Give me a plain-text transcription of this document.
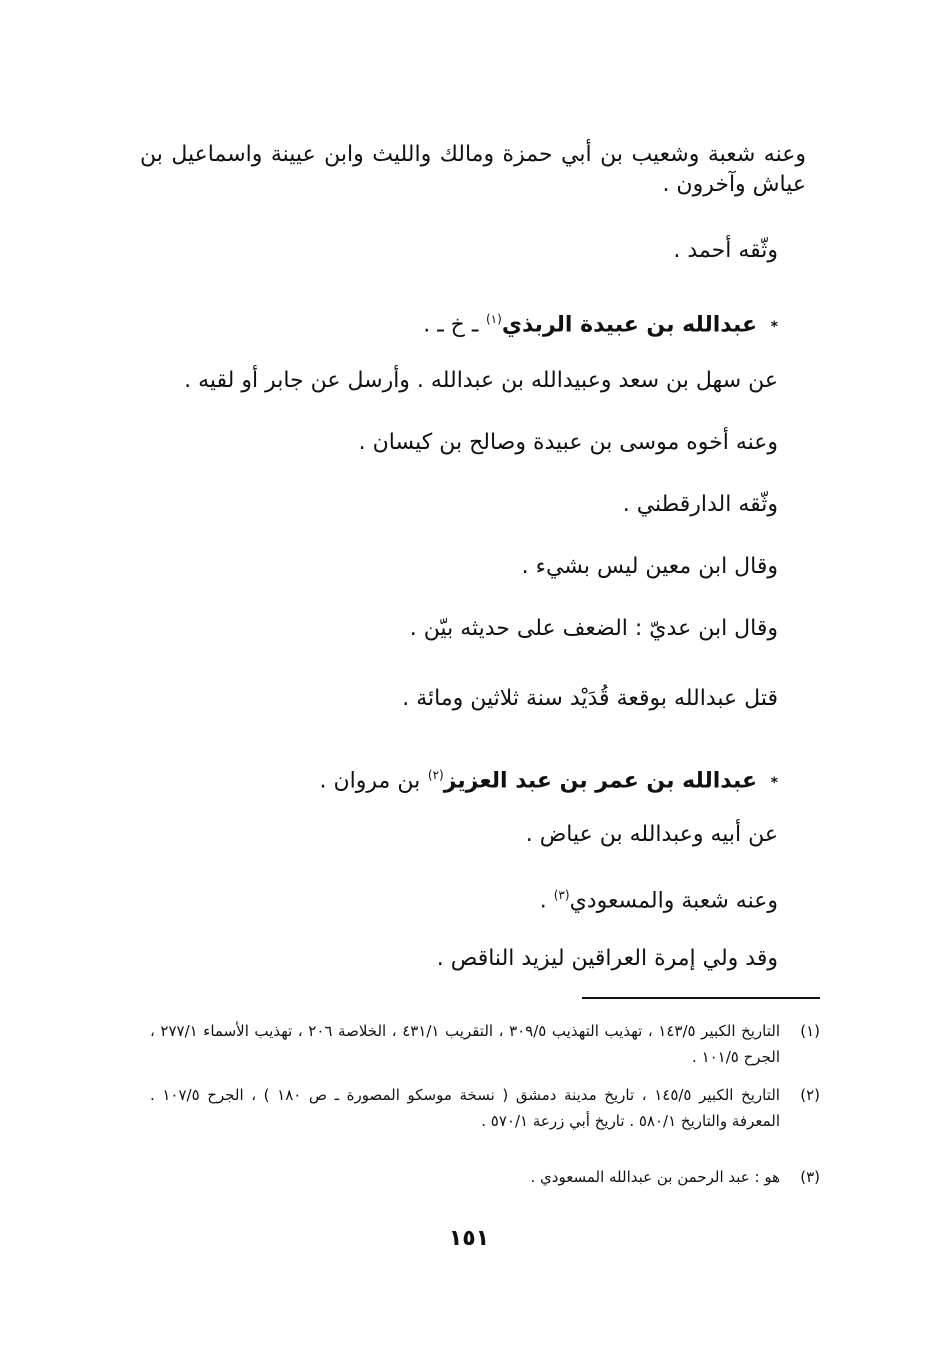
وعنه شعبة وشعيب بن أبي حمزة ومالك والليث وابن عيينة واسماعيل بن عياش وآخرون .
وثّقه أحمد .
* عبدالله بن عبيدة الربذي$^{(١)}$ ـ خ ـ .
عن سهل بن سعد وعبيدالله بن عبدالله . وأرسل عن جابر أو لقيه .
وعنه أخوه موسى بن عبيدة وصالح بن كيسان .
وثّقه الدارقطني .
وقال ابن معين ليس بشيء .
وقال ابن عديّ : الضعف على حديثه بيّن .
قتل عبدالله بوقعة قُدَيْد سنة ثلاثين ومائة .
* عبدالله بن عمر بن عبد العزيز$^{(٢)}$ بن مروان .
عن أبيه وعبدالله بن عياض .
وعنه شعبة والمسعودي$^{(٣)}$ .
وقد ولي إمرة العراقين ليزيد الناقص .
(١)
التاريخ الكبير ١٤٣/٥ ، تهذيب التهذيب ٣٠٩/٥ ، التقريب ٤٣١/١ ، الخلاصة ٢٠٦ ، تهذيب الأسماء ٢٧٧/١ ، الجرح ١٠١/٥ .
(٢)
التاريخ الكبير ١٤٥/٥ ، تاريخ مدينة دمشق ( نسخة موسكو المصورة ـ ص ١٨٠ ) ، الجرح ١٠٧/٥ . المعرفة والتاريخ ٥٨٠/١ . تاريخ أبي زرعة ٥٧٠/١ .
(٣)
هو : عبد الرحمن بن عبدالله المسعودي .
١٥١
